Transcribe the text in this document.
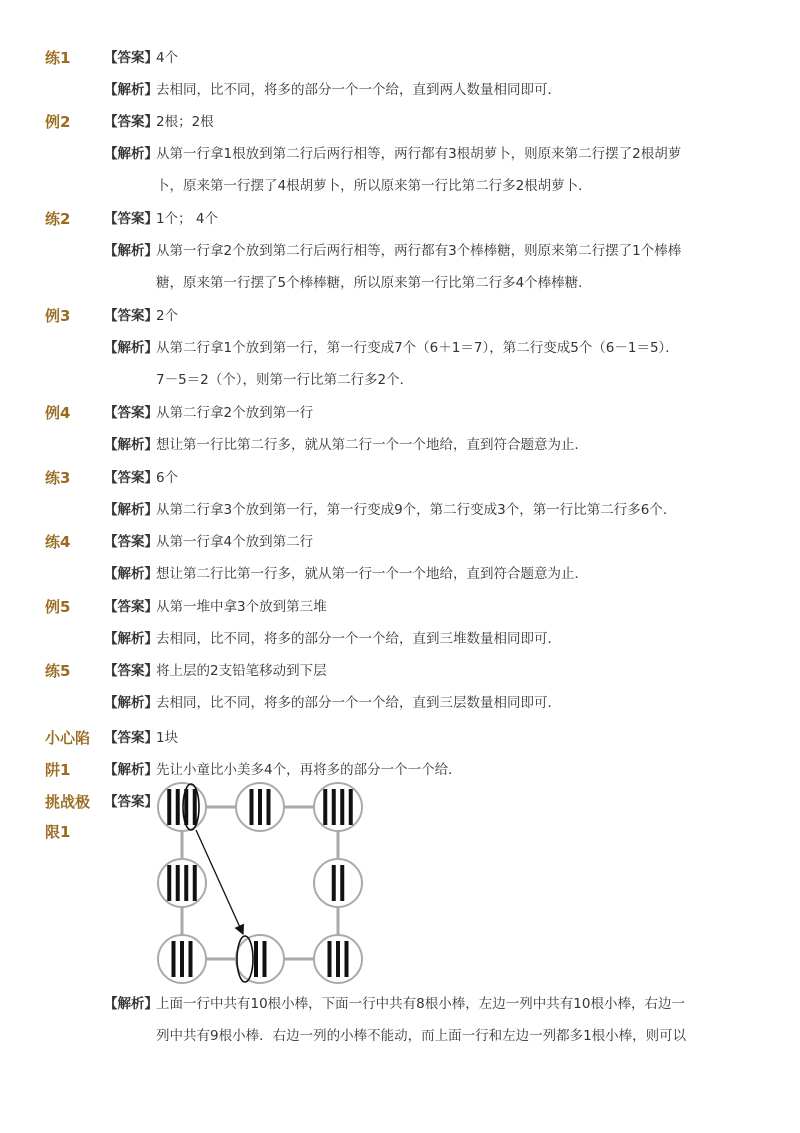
练1 【答案】
4个
【解析】
去相同，比不同，将多的部分一个一个给，直到两人数量相同即可．
例2 【答案】
2根；2根
【解析】
从第一行拿1根放到第二行后两行相等，两行都有3根胡萝卜，则原来第二行摆了2根胡萝
卜，原来第一行摆了4根胡萝卜，所以原来第一行比第二行多2根胡萝卜．
练2 【答案】
1个； 4个
【解析】
从第一行拿2个放到第二行后两行相等，两行都有3个棒棒糖，则原来第二行摆了1个棒棒
糖，原来第一行摆了5个棒棒糖，所以原来第一行比第二行多4个棒棒糖．
例3 【答案】
2个
【解析】
从第二行拿1个放到第一行，第一行变成7个（6＋1＝7），第二行变成5个（6－1＝5）．
7－5＝2（个），则第一行比第二行多2个．
例4 【答案】
从第二行拿2个放到第一行
【解析】
想让第一行比第二行多，就从第二行一个一个地给，直到符合题意为止．
练3 【答案】
6个
【解析】
从第二行拿3个放到第一行，第一行变成9个，第二行变成3个，第一行比第二行多6个．
练4 【答案】
从第一行拿4个放到第二行
【解析】
想让第二行比第一行多，就从第一行一个一个地给，直到符合题意为止．
例5 【答案】
从第一堆中拿3个放到第三堆
【解析】
去相同，比不同，将多的部分一个一个给，直到三堆数量相同即可．
练5 【答案】
将上层的2支铅笔移动到下层
【解析】
去相同，比不同，将多的部分一个一个给，直到三层数量相同即可．
小心陷 【答案】
1块
阱1 【解析】
先让小童比小美多4个，再将多的部分一个一个给．
挑战极 【答案】
限1
【解析】
上面一行中共有10根小棒，下面一行中共有8根小棒，左边一列中共有10根小棒，右边一
列中共有9根小棒．右边一列的小棒不能动，而上面一行和左边一列都多1根小棒，则可以
